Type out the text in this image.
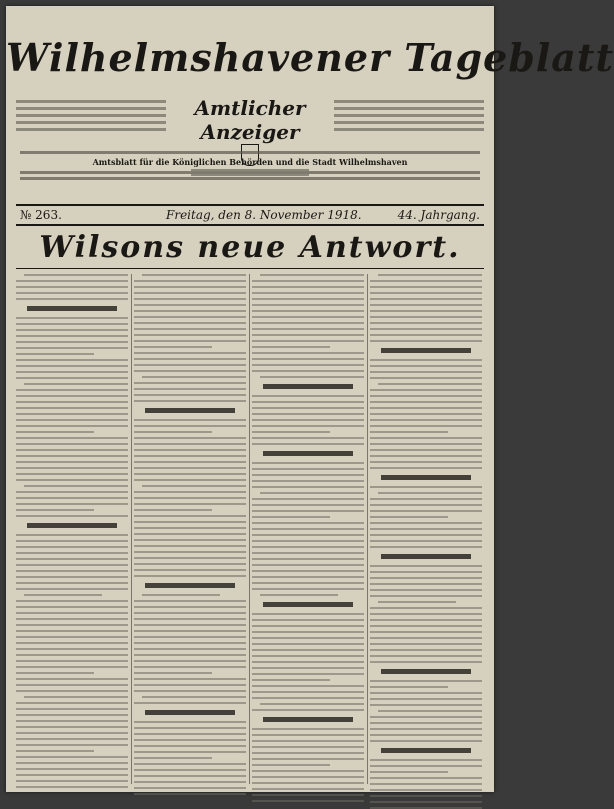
Wilhelmshavener Tageblatt
Amtlicher Anzeiger
Amtsblatt für die Königlichen Behörden und die Stadt Wilhelmshaven
№ 263.	Freitag, den 8. November 1918.	44. Jahrgang.
Wilsons neue Antwort.
